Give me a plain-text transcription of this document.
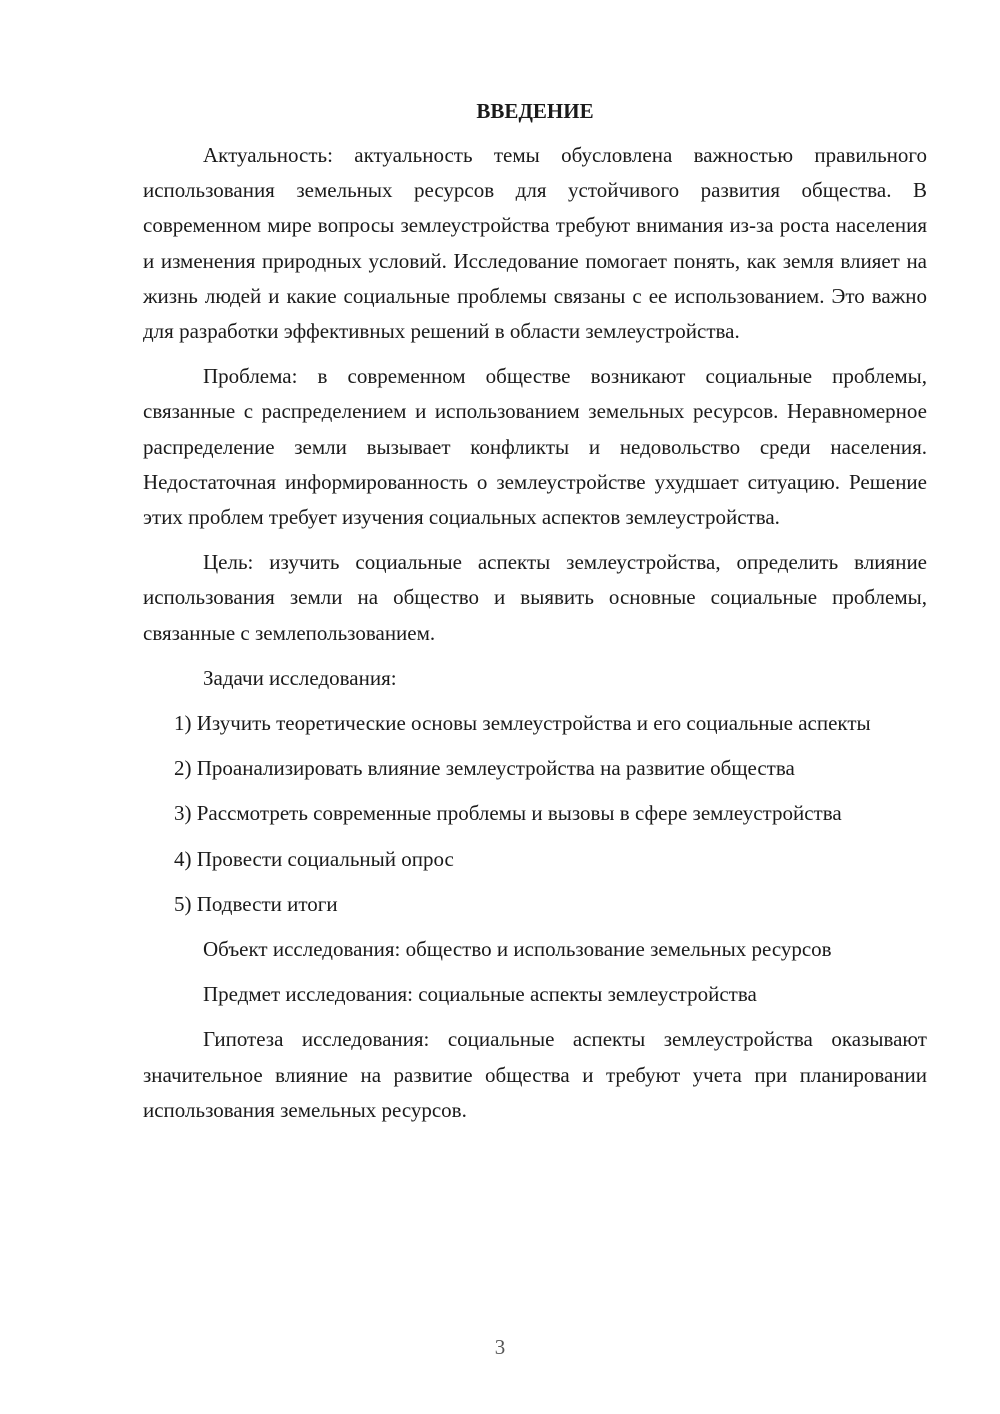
ВВЕДЕНИЕ

Актуальность: актуальность темы обусловлена важностью правильного использования земельных ресурсов для устойчивого развития общества. В современном мире вопросы землеустройства требуют внимания из-за роста населения и изменения природных условий. Исследование помогает понять, как земля влияет на жизнь людей и какие социальные проблемы связаны с ее использованием. Это важно для разработки эффективных решений в области землеустройства.

Проблема: в современном обществе возникают социальные проблемы, связанные с распределением и использованием земельных ресурсов. Неравномерное распределение земли вызывает конфликты и недовольство среди населения. Недостаточная информированность о землеустройстве ухудшает ситуацию. Решение этих проблем требует изучения социальных аспектов землеустройства.

Цель: изучить социальные аспекты землеустройства, определить влияние использования земли на общество и выявить основные социальные проблемы, связанные с землепользованием.

Задачи исследования:

1) Изучить теоретические основы землеустройства и его социальные аспекты

2) Проанализировать влияние землеустройства на развитие общества

3) Рассмотреть современные проблемы и вызовы в сфере землеустройства

4) Провести социальный опрос

5) Подвести итоги

Объект исследования: общество и использование земельных ресурсов

Предмет исследования: социальные аспекты землеустройства

Гипотеза исследования: социальные аспекты землеустройства оказывают значительное влияние на развитие общества и требуют учета при планировании использования земельных ресурсов.

3
